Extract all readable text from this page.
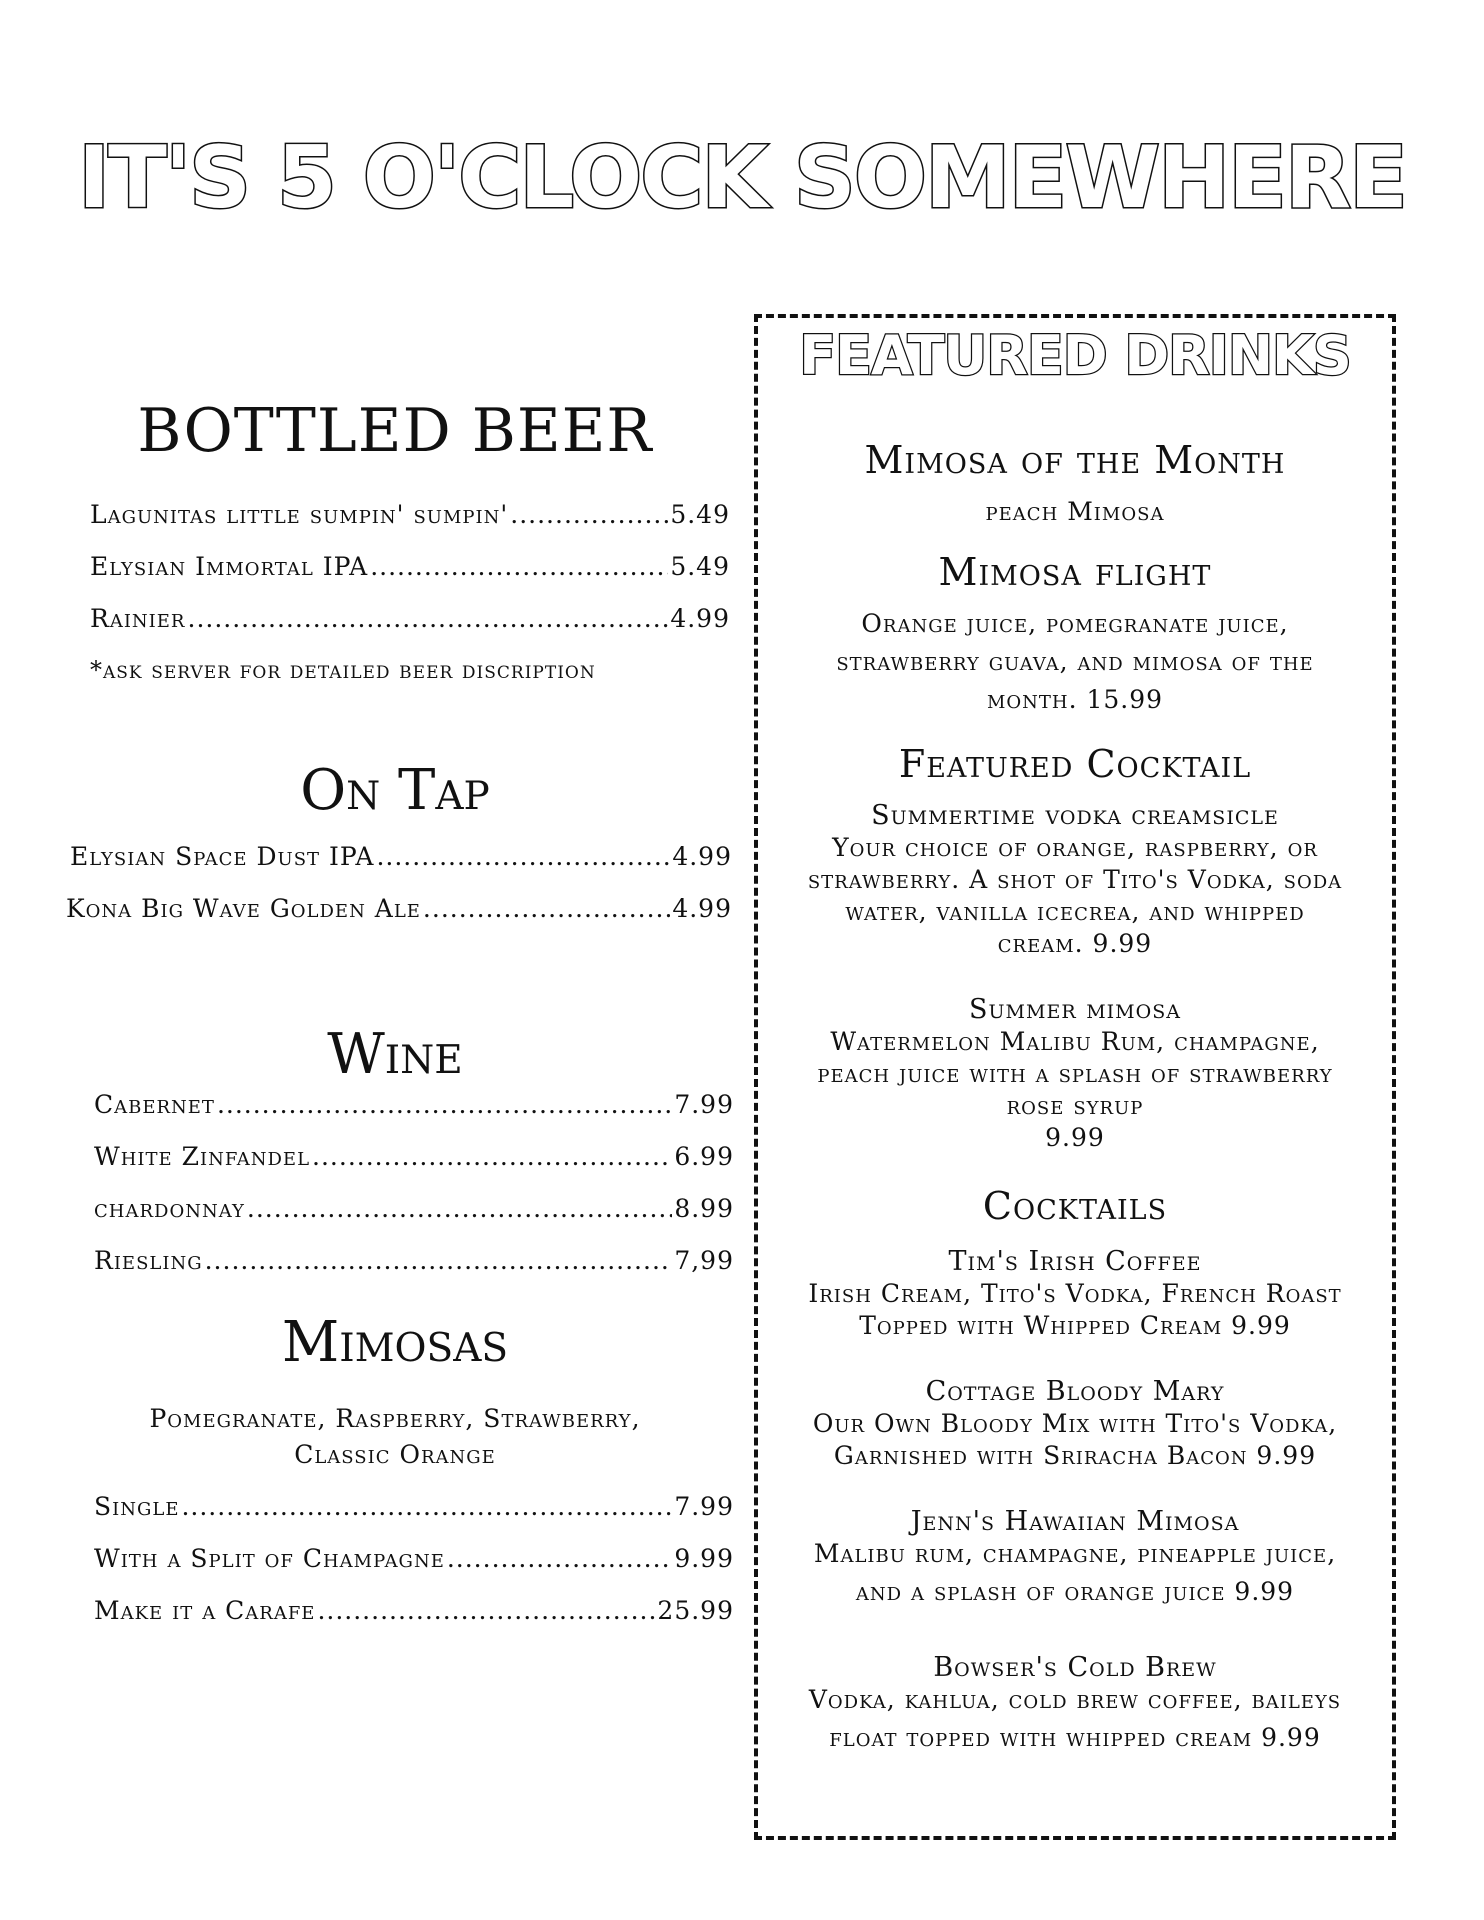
IT'S 5 O'CLOCK SOMEWHERE
BOTTLED BEER
Lagunitas little sumpin' sumpin' .....	5.49
Elysian Immortal IPA .....	5.49
Rainier .....	4.99
*ask server for detailed beer discription
On Tap
Elysian Space Dust IPA .....	4.99
Kona Big Wave Golden Ale .....	4.99
Wine
Cabernet .....	7.99
White Zinfandel .....	6.99
chardonnay .....	8.99
Riesling .....	7,99
Mimosas
Pomegranate, Raspberry, Strawberry,
Classic Orange
Single .....	7.99
With a Split of Champagne .....	9.99
Make it a Carafe .....	25.99
FEATURED DRINKS
Mimosa of the Month
peach Mimosa
Mimosa flight
Orange juice, pomegranate juice,
strawberry guava, and mimosa of the
month. 15.99
Featured Cocktail
Summertime vodka creamsicle
Your choice of orange, raspberry, or
strawberry. A shot of Tito's Vodka, soda
water, vanilla icecrea, and whipped
cream. 9.99
Summer mimosa
Watermelon Malibu Rum, champagne,
peach juice with a splash of strawberry
rose syrup
9.99
Cocktails
Tim's Irish Coffee
Irish Cream, Tito's Vodka, French Roast
Topped with Whipped Cream 9.99
Cottage Bloody Mary
Our Own Bloody Mix with Tito's Vodka,
Garnished with Sriracha Bacon 9.99
Jenn's Hawaiian Mimosa
Malibu rum, champagne, pineapple juice,
and a splash of orange juice 9.99
Bowser's Cold Brew
Vodka, kahlua, cold brew coffee, baileys
float topped with whipped cream 9.99
